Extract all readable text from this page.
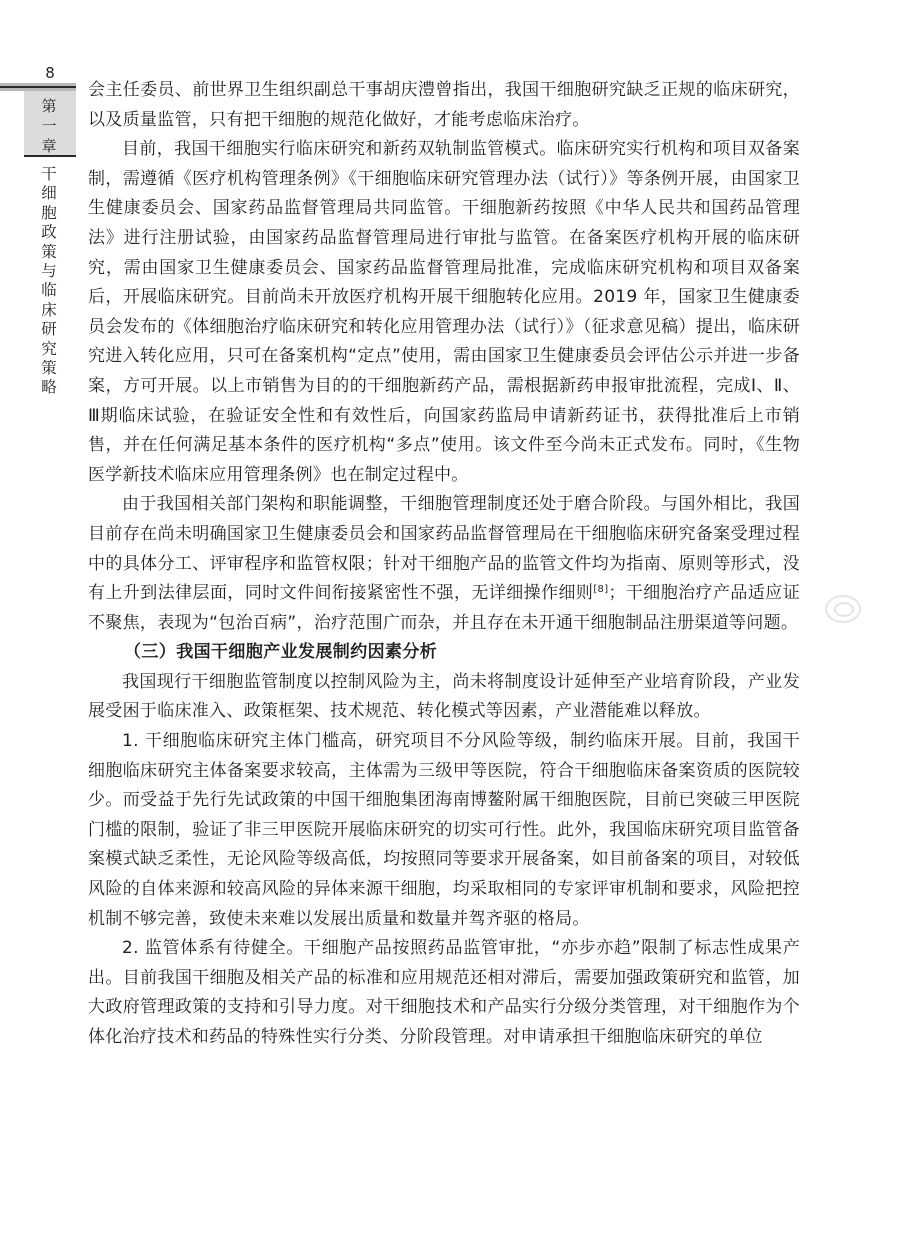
8
第
一
章
干细胞政策与临床研究策略

会主任委员、前世界卫生组织副总干事胡庆澧曾指出，我国干细胞研究缺乏正规的临床研究，以及质量监管，只有把干细胞的规范化做好，才能考虑临床治疗。

目前，我国干细胞实行临床研究和新药双轨制监管模式。临床研究实行机构和项目双备案制，需遵循《医疗机构管理条例》《干细胞临床研究管理办法（试行）》等条例开展，由国家卫生健康委员会、国家药品监督管理局共同监管。干细胞新药按照《中华人民共和国药品管理法》进行注册试验，由国家药品监督管理局进行审批与监管。在备案医疗机构开展的临床研究，需由国家卫生健康委员会、国家药品监督管理局批准，完成临床研究机构和项目双备案后，开展临床研究。目前尚未开放医疗机构开展干细胞转化应用。2019 年，国家卫生健康委员会发布的《体细胞治疗临床研究和转化应用管理办法（试行）》（征求意见稿）提出，临床研究进入转化应用，只可在备案机构“定点”使用，需由国家卫生健康委员会评估公示并进一步备案，方可开展。以上市销售为目的的干细胞新药产品，需根据新药申报审批流程，完成Ⅰ、Ⅱ、Ⅲ期临床试验，在验证安全性和有效性后，向国家药监局申请新药证书，获得批准后上市销售，并在任何满足基本条件的医疗机构“多点”使用。该文件至今尚未正式发布。同时，《生物医学新技术临床应用管理条例》也在制定过程中。

由于我国相关部门架构和职能调整，干细胞管理制度还处于磨合阶段。与国外相比，我国目前存在尚未明确国家卫生健康委员会和国家药品监督管理局在干细胞临床研究备案受理过程中的具体分工、评审程序和监管权限；针对干细胞产品的监管文件均为指南、原则等形式，没有上升到法律层面，同时文件间衔接紧密性不强，无详细操作细则[8]；干细胞治疗产品适应证不聚焦，表现为“包治百病”，治疗范围广而杂，并且存在未开通干细胞制品注册渠道等问题。

（三）我国干细胞产业发展制约因素分析

我国现行干细胞监管制度以控制风险为主，尚未将制度设计延伸至产业培育阶段，产业发展受困于临床准入、政策框架、技术规范、转化模式等因素，产业潜能难以释放。

1. 干细胞临床研究主体门槛高，研究项目不分风险等级，制约临床开展。目前，我国干细胞临床研究主体备案要求较高，主体需为三级甲等医院，符合干细胞临床备案资质的医院较少。而受益于先行先试政策的中国干细胞集团海南博鳌附属干细胞医院，目前已突破三甲医院门槛的限制，验证了非三甲医院开展临床研究的切实可行性。此外，我国临床研究项目监管备案模式缺乏柔性，无论风险等级高低，均按照同等要求开展备案，如目前备案的项目，对较低风险的自体来源和较高风险的异体来源干细胞，均采取相同的专家评审机制和要求，风险把控机制不够完善，致使未来难以发展出质量和数量并驾齐驱的格局。

2. 监管体系有待健全。干细胞产品按照药品监管审批，“亦步亦趋”限制了标志性成果产出。目前我国干细胞及相关产品的标准和应用规范还相对滞后，需要加强政策研究和监管，加大政府管理政策的支持和引导力度。对干细胞技术和产品实行分级分类管理，对干细胞作为个体化治疗技术和药品的特殊性实行分类、分阶段管理。对申请承担干细胞临床研究的单位
